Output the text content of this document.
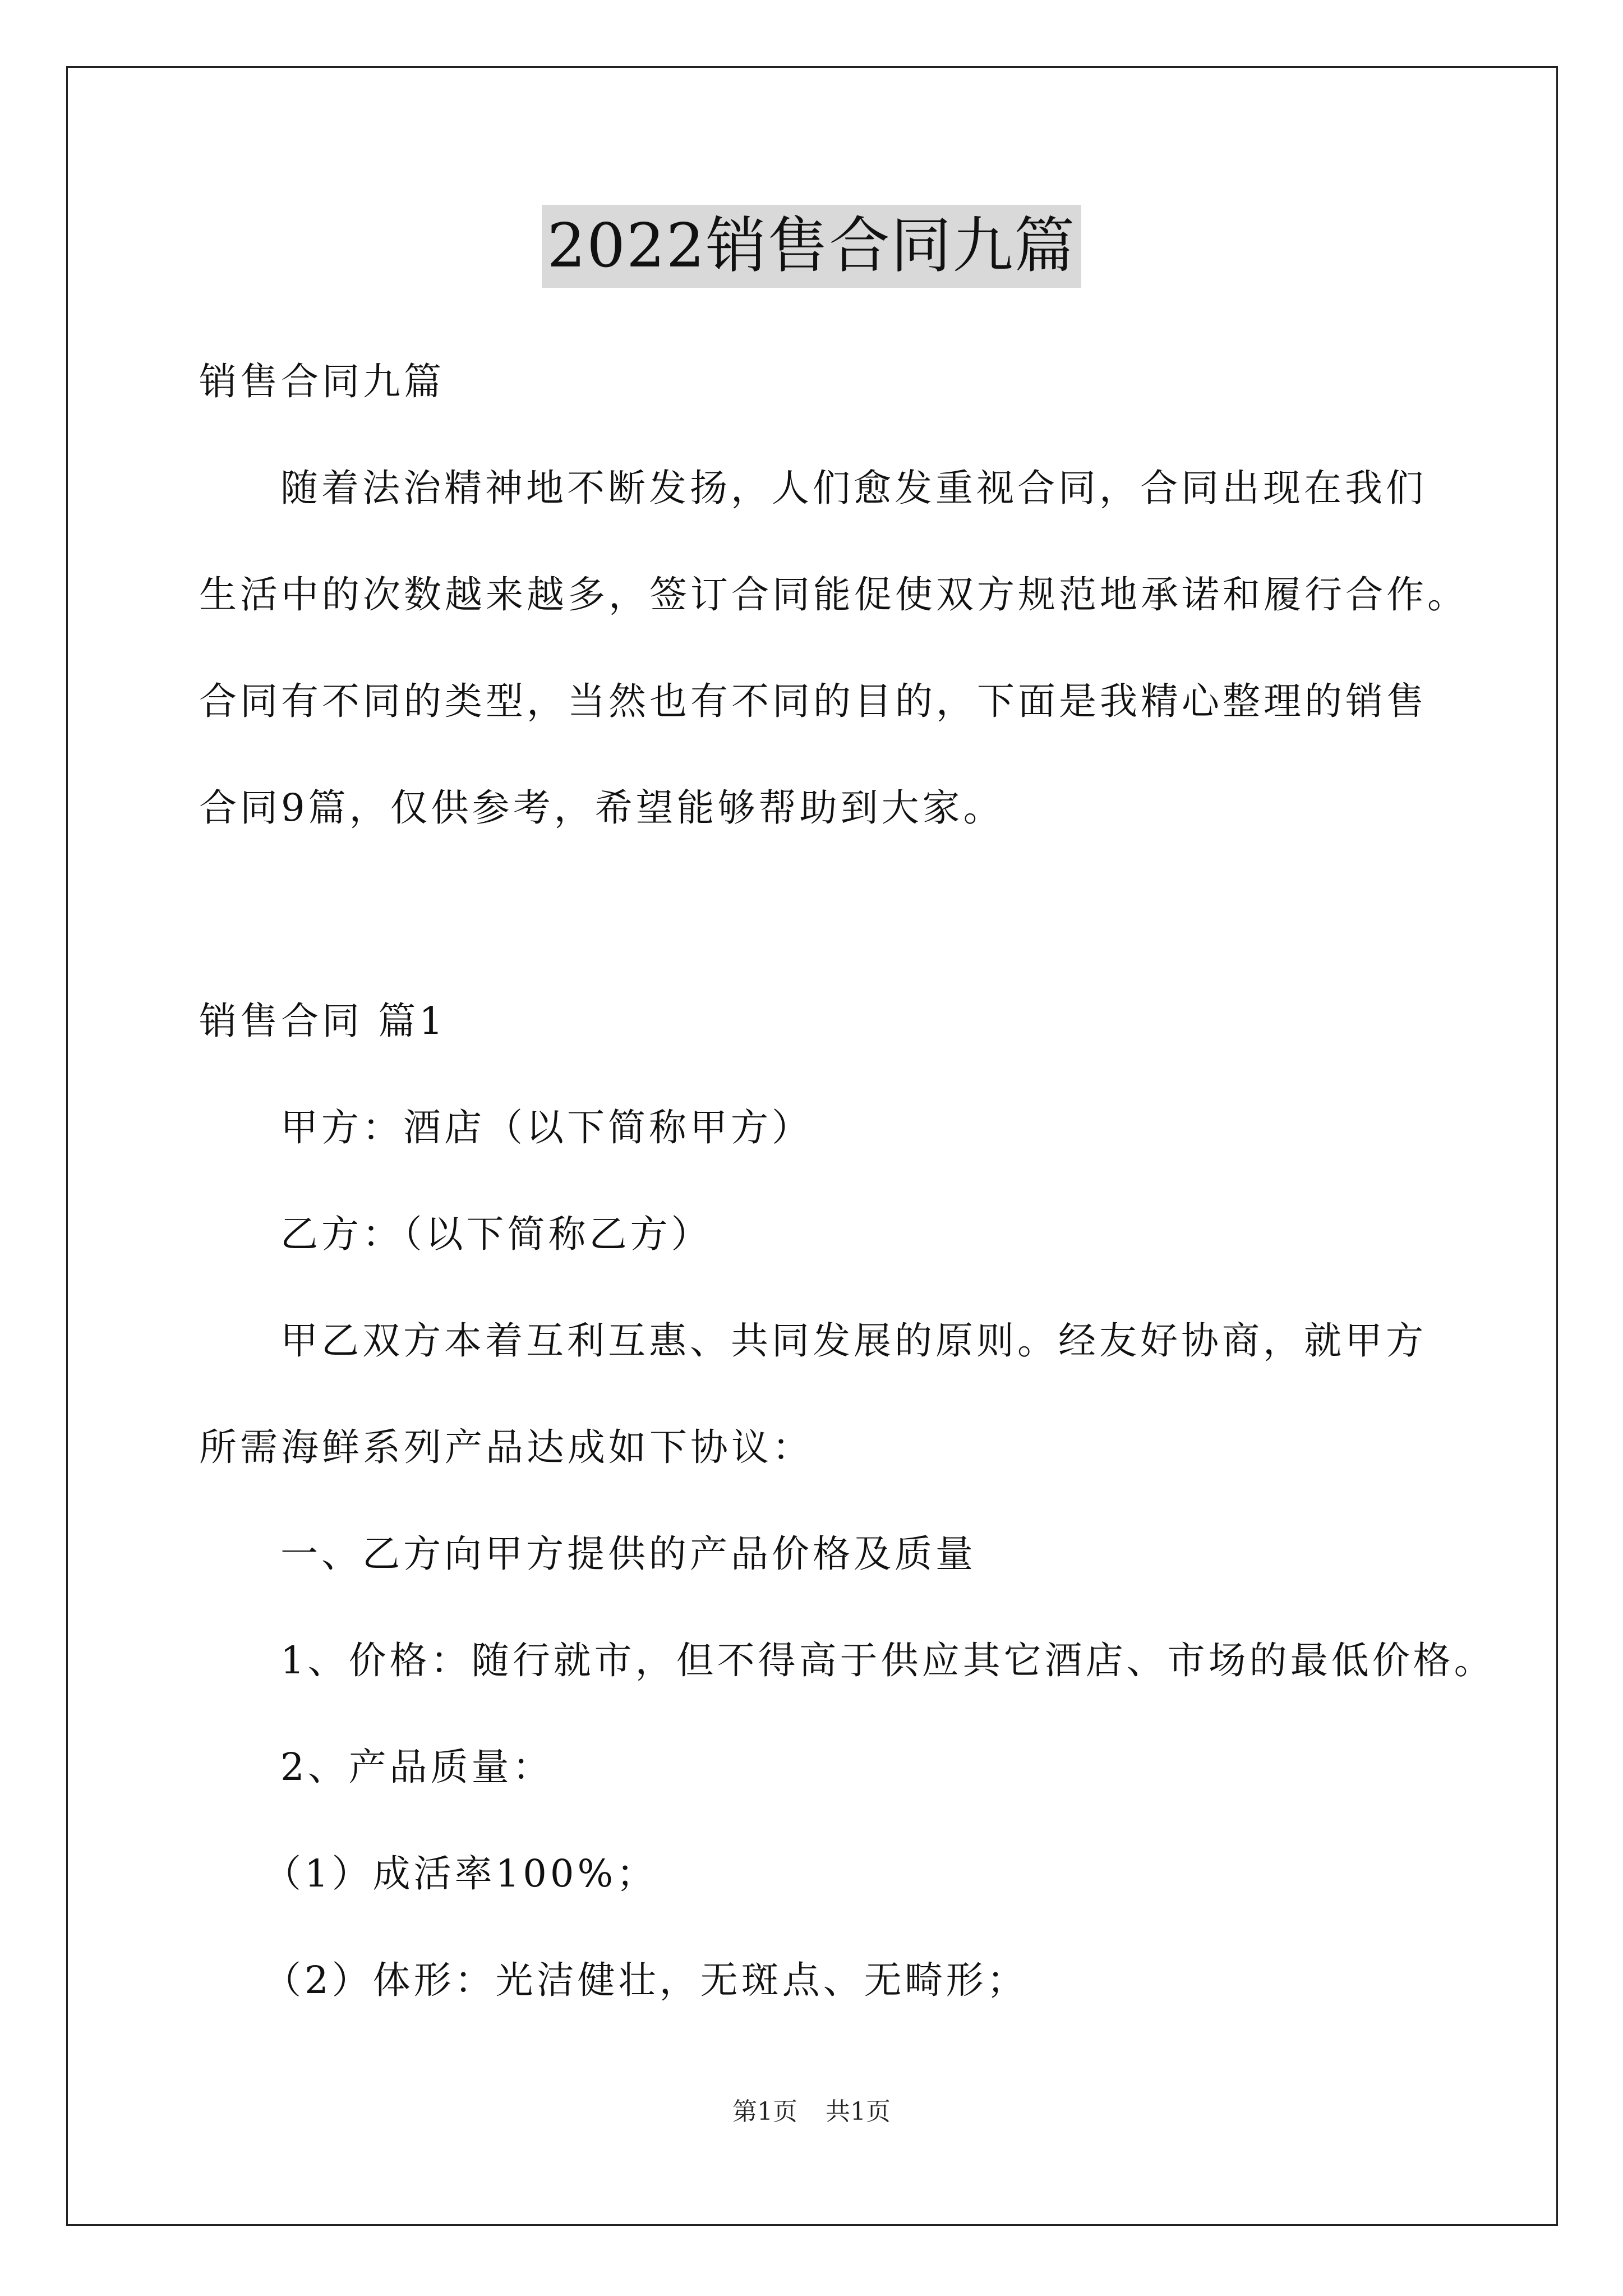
2022销售合同九篇
销售合同九篇
随着法治精神地不断发扬，人们愈发重视合同，合同出现在我们
生活中的次数越来越多，签订合同能促使双方规范地承诺和履行合作。
合同有不同的类型，当然也有不同的目的，下面是我精心整理的销售
合同9篇，仅供参考，希望能够帮助到大家。
销售合同 篇1
甲方：酒店（以下简称甲方）
乙方：（以下简称乙方）
甲乙双方本着互利互惠、共同发展的原则。经友好协商，就甲方
所需海鲜系列产品达成如下协议：
一、乙方向甲方提供的产品价格及质量
1、价格：随行就市，但不得高于供应其它酒店、市场的最低价格。
2、产品质量：
（1）成活率100%；
（2）体形：光洁健壮，无斑点、无畸形；
第1页 共1页
